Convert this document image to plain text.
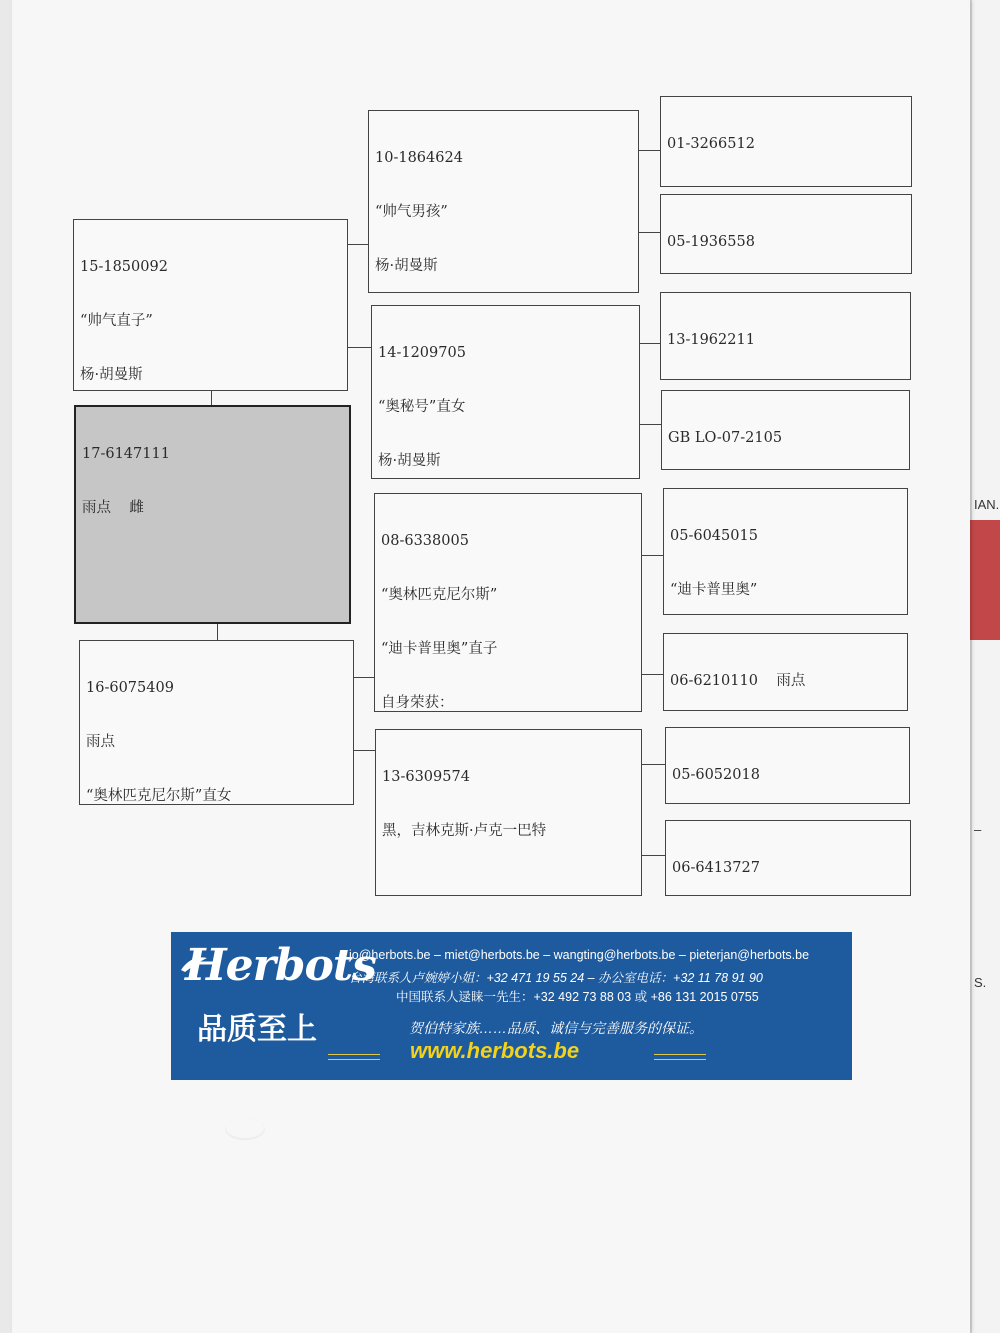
IAN.
–
S.

17-6147111

雨点    雌

15-1850092

“帅气直子”

杨·胡曼斯

16-6075409

雨点

“奥林匹克尼尔斯”直女

10-1864624

“帅气男孩”

杨·胡曼斯

14-1209705

“奥秘号”直女

杨·胡曼斯

08-6338005

“奥林匹克尼尔斯”

“迪卡普里奥”直子

自身荣获：

13-6309574

黑，吉林克斯·卢克一巴特

01-3266512

05-1936558

13-1962211

GB LO-07-2105

05-6045015

“迪卡普里奥”

06-6210110    雨点

05-6052018

06-6413727

Herbots
品质至上
jo@herbots.be – miet@herbots.be – wangting@herbots.be – pieterjan@herbots.be
台湾联系人卢婉婷小姐：+32 471 19 55 24 – 办公室电话：+32 11 78 91 90
中国联系人逯睐一先生：+32 492 73 88 03 或 +86 131 2015 0755
贺伯特家族……品质、诚信与完善服务的保证。
www.herbots.be
